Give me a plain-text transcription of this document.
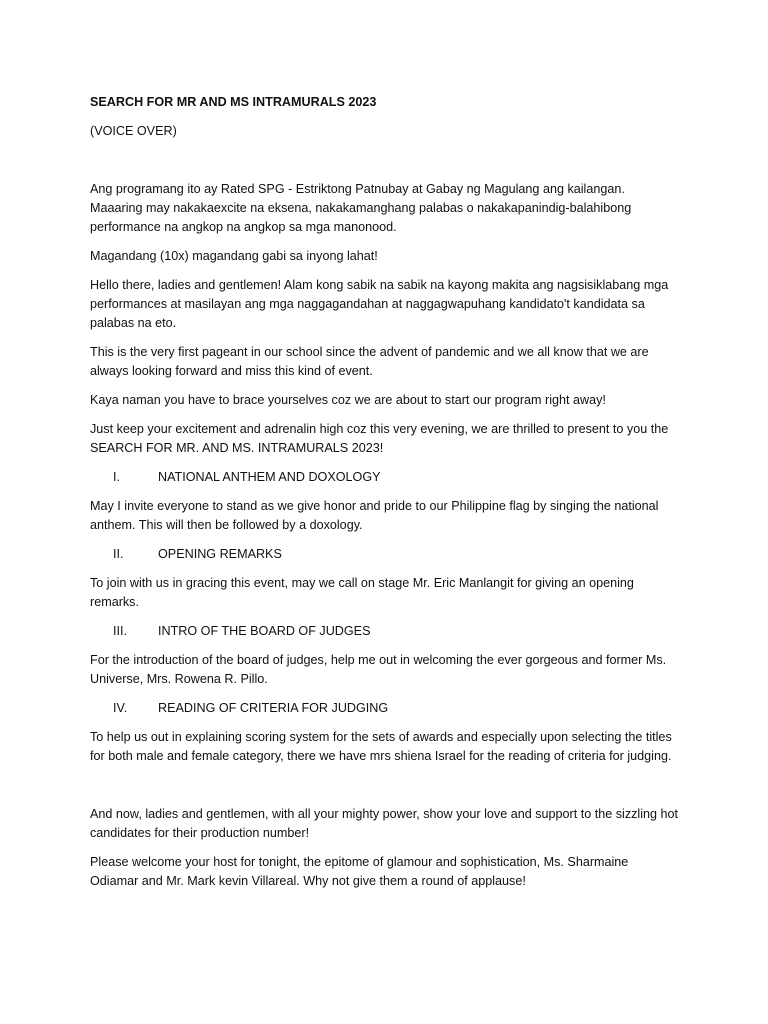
SEARCH FOR MR AND MS INTRAMURALS 2023

(VOICE OVER)

Ang programang ito ay Rated SPG - Estriktong Patnubay at Gabay ng Magulang ang kailangan. Maaaring may nakakaexcite na eksena, nakakamanghang palabas o nakakapanindig-balahibong performance na angkop na angkop sa mga manonood.

Magandang (10x) magandang gabi sa inyong lahat!

Hello there, ladies and gentlemen! Alam kong sabik na sabik na kayong makita ang nagsisiklabang mga performances at masilayan ang mga naggagandahan at naggagwapuhang kandidato't kandidata sa palabas na eto.

This is the very first pageant in our school since the advent of pandemic and we all know that we are always looking forward and miss this kind of event.

Kaya naman you have to brace yourselves coz we are about to start our program right away!

Just keep your excitement and adrenalin high coz this very evening, we are thrilled to present to you the SEARCH FOR MR. AND MS. INTRAMURALS 2023!

I.	NATIONAL ANTHEM AND DOXOLOGY

May I invite everyone to stand as we give honor and pride to our Philippine flag by singing the national anthem. This will then be followed by a doxology.

II.	OPENING REMARKS

To join with us in gracing this event, may we call on stage Mr. Eric Manlangit for giving an opening remarks.

III.	INTRO OF THE BOARD OF JUDGES

For the introduction of the board of judges, help me out in welcoming the ever gorgeous and former Ms. Universe, Mrs. Rowena R. Pillo.

IV.	READING OF CRITERIA FOR JUDGING

To help us out in explaining scoring system for the sets of awards and especially upon selecting the titles for both male and female category, there we have mrs shiena Israel for the reading of criteria for judging.

And now, ladies and gentlemen, with all your mighty power, show your love and support to the sizzling hot candidates for their production number!

Please welcome your host for tonight, the epitome of glamour and sophistication, Ms. Sharmaine Odiamar and Mr. Mark kevin Villareal. Why not give them a round of applause!
